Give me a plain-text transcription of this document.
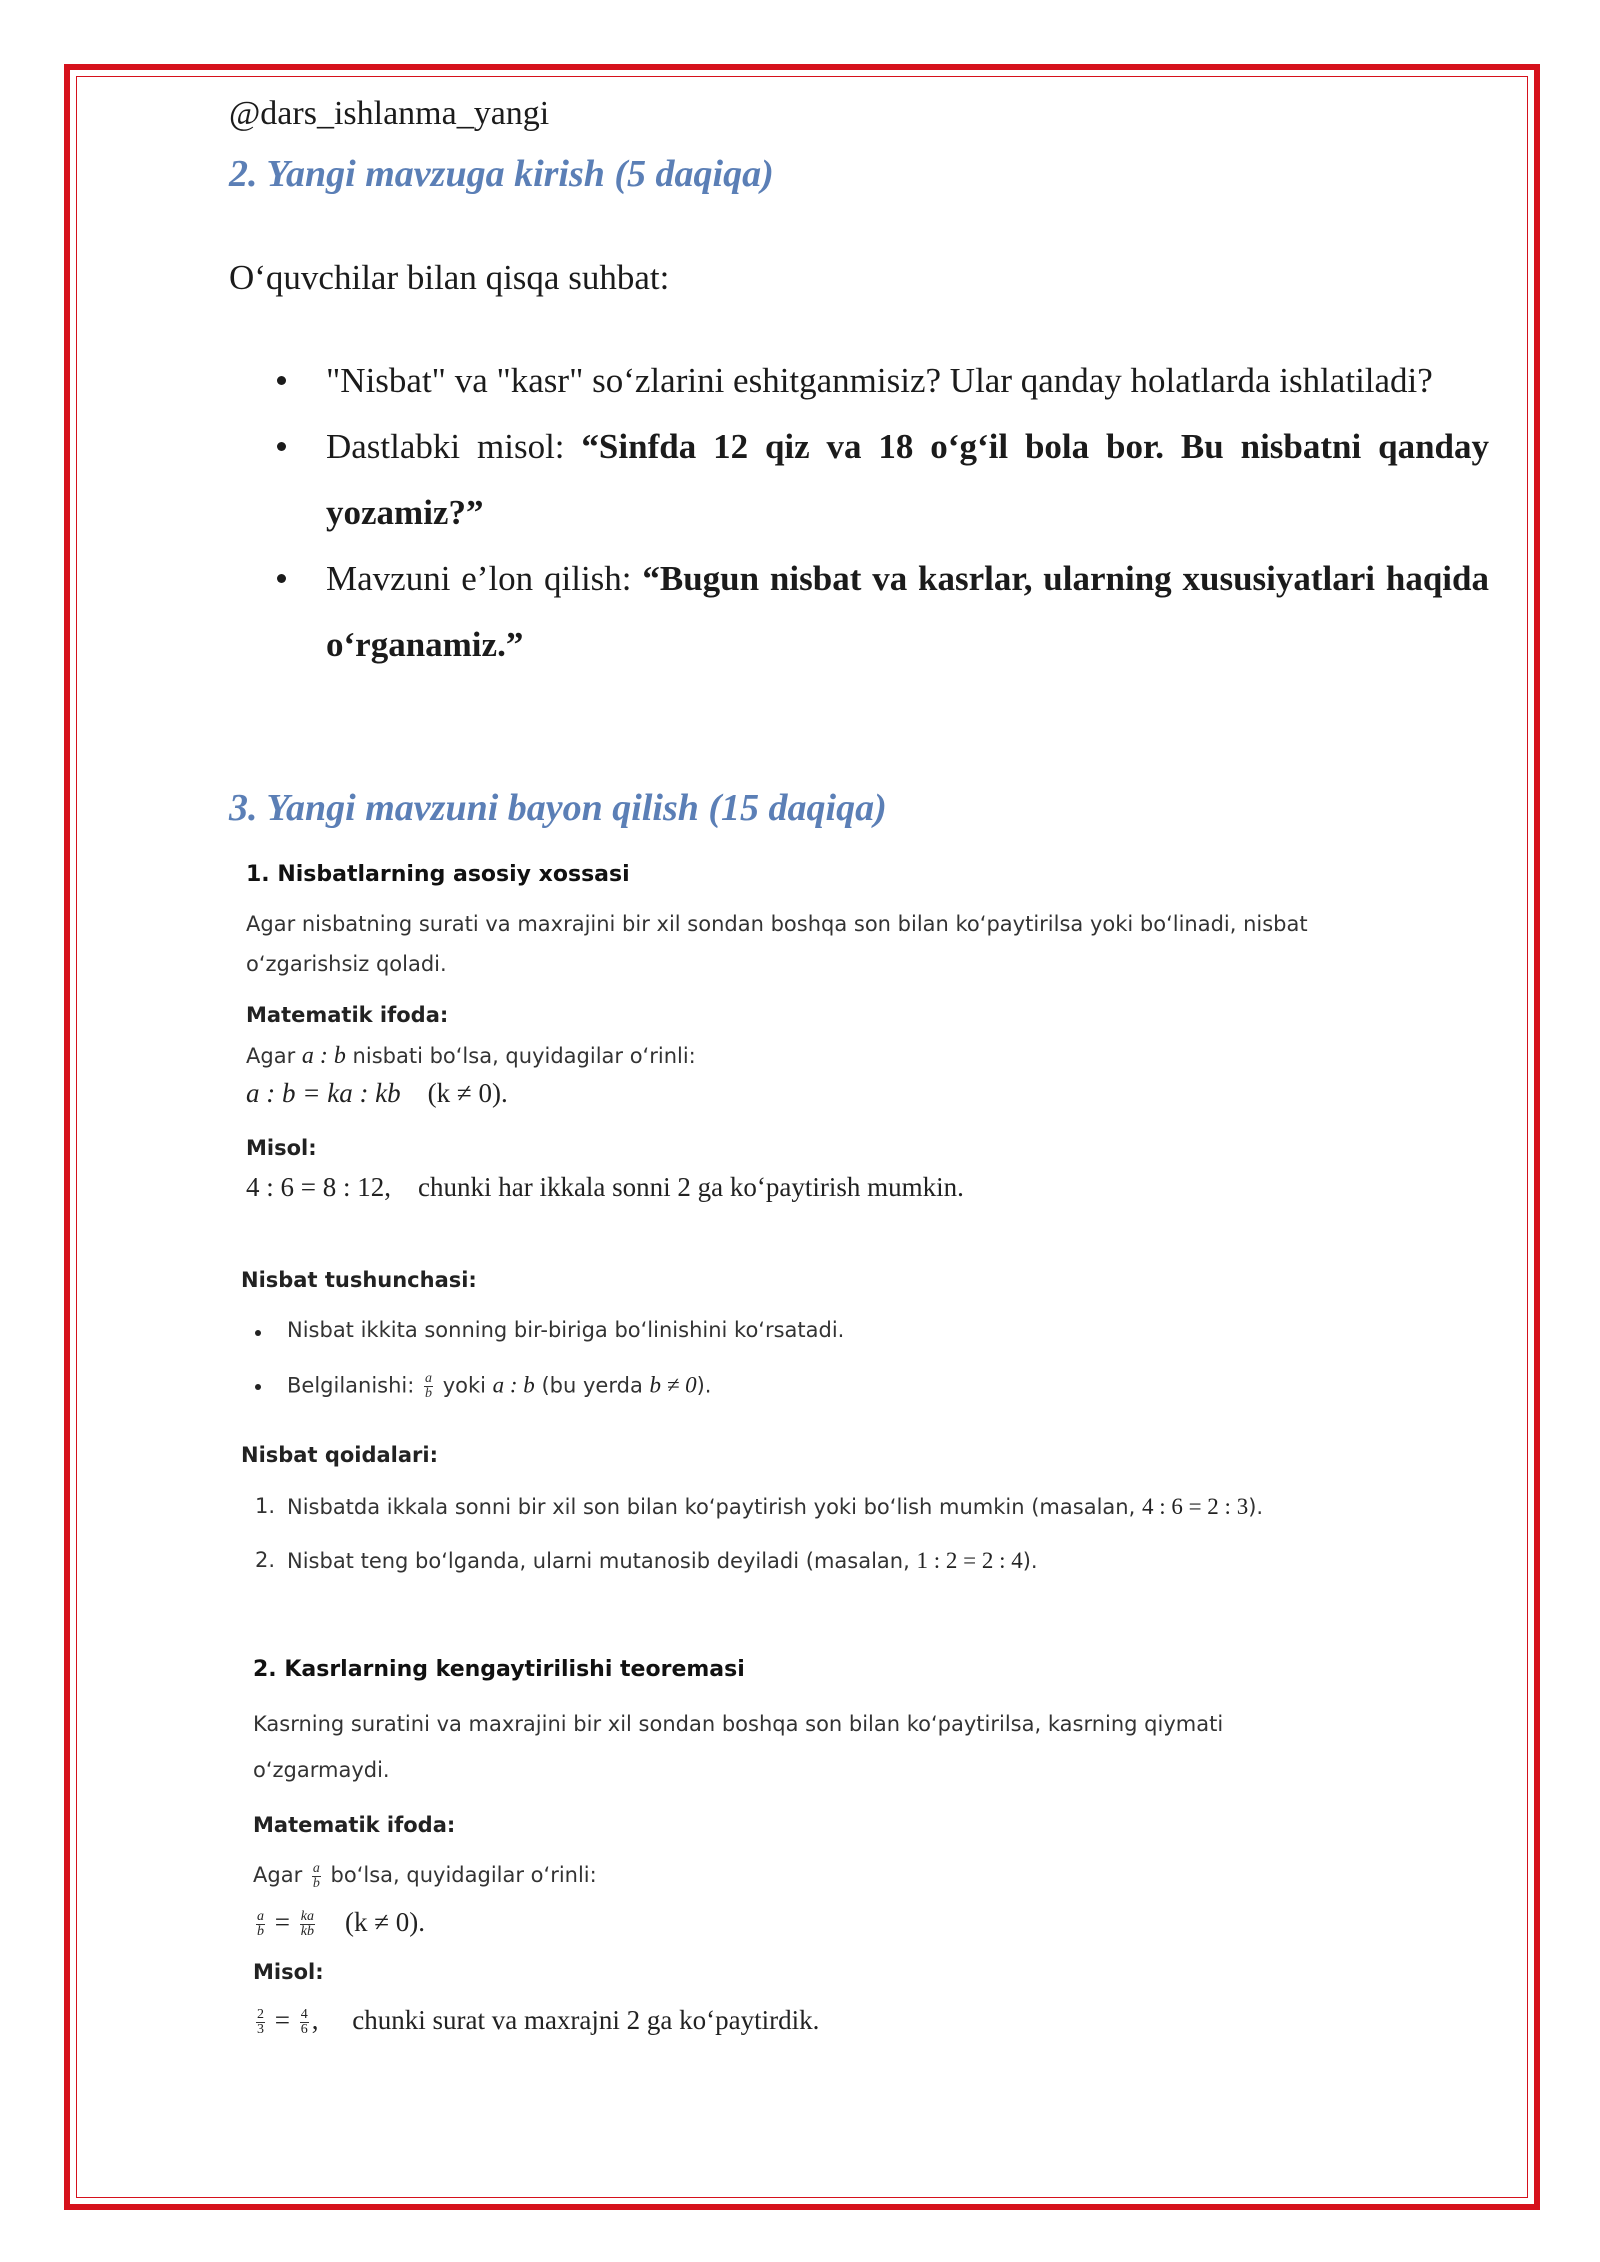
@dars_ishlanma_yangi
2. Yangi mavzuga kirish (5 daqiqa)
O‘quvchilar bilan qisqa suhbat:
"Nisbat" va "kasr" so‘zlarini eshitganmisiz? Ular qanday holatlarda ishlatiladi?
Dastlabki misol: “Sinfda 12 qiz va 18 o‘g‘il bola bor. Bu nisbatni qanday yozamiz?”
Mavzuni e’lon qilish: “Bugun nisbat va kasrlar, ularning xususiyatlari haqida o‘rganamiz.”
3. Yangi mavzuni bayon qilish (15 daqiqa)
1. Nisbatlarning asosiy xossasi
Agar nisbatning surati va maxrajini bir xil sondan boshqa son bilan ko‘paytirilsa yoki bo‘linadi, nisbat
o‘zgarishsiz qoladi.
Matematik ifoda:
Agar a : b nisbati bo‘lsa, quyidagilar o‘rinli:
a : b = ka : kb (k ≠ 0).
Misol:
4 : 6 = 8 : 12, chunki har ikkala sonni 2 ga ko‘paytirish mumkin.
Nisbat tushunchasi:
Nisbat ikkita sonning bir-biriga bo‘linishini ko‘rsatadi.
Belgilanishi: $\frac{a}{b}$ yoki a : b (bu yerda b ≠ 0).
Nisbat qoidalari:
1. Nisbatda ikkala sonni bir xil son bilan ko‘paytirish yoki bo‘lish mumkin (masalan, 4 : 6 = 2 : 3).
2. Nisbat teng bo‘lganda, ularni mutanosib deyiladi (masalan, 1 : 2 = 2 : 4).
2. Kasrlarning kengaytirilishi teoremasi
Kasrning suratini va maxrajini bir xil sondan boshqa son bilan ko‘paytirilsa, kasrning qiymati
o‘zgarmaydi.
Matematik ifoda:
Agar $\frac{a}{b}$ bo‘lsa, quyidagilar o‘rinli:
$\frac{a}{b} = \frac{ka}{kb} (k \ne 0)$.
Misol:
$\frac{2}{3} = \frac{4}{6}$ , chunki surat va maxrajni 2 ga ko‘paytirdik.
